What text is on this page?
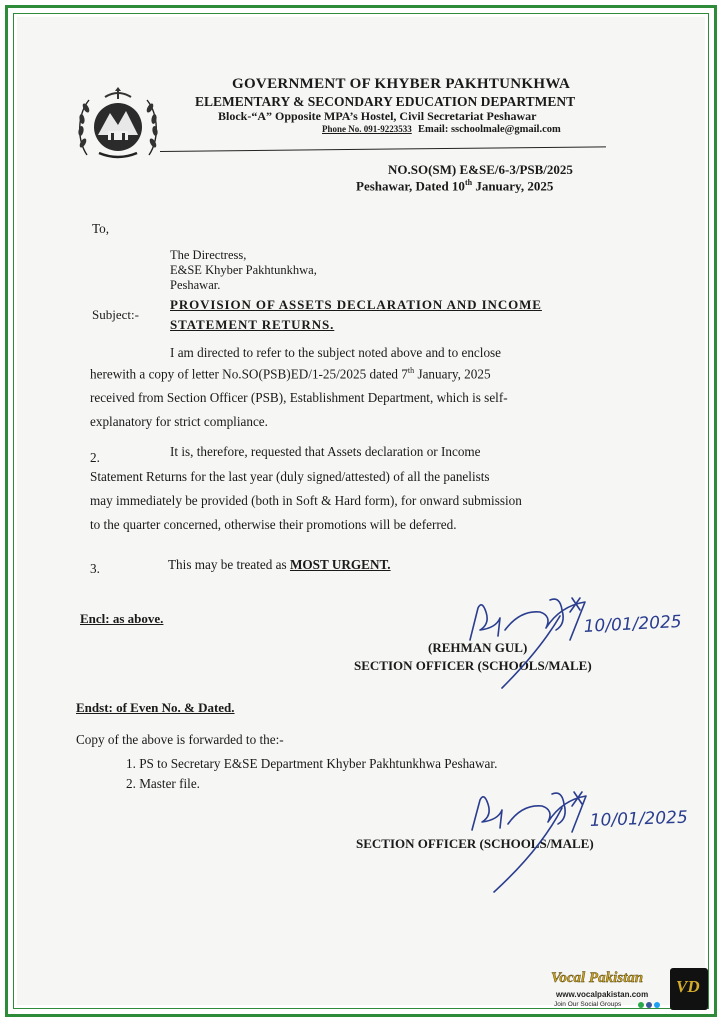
GOVERNMENT OF KHYBER PAKHTUNKHWA
ELEMENTARY & SECONDARY EDUCATION DEPARTMENT
Block-“A” Opposite MPA’s Hostel, Civil Secretariat Peshawar
Phone No. 091-9223533 Email: sschoolmale@gmail.com
NO.SO(SM) E&SE/6-3/PSB/2025
Peshawar, Dated 10th January, 2025
To,
The Directress,
E&SE Khyber Pakhtunkhwa,
Peshawar.
Subject:-
PROVISION OF ASSETS DECLARATION AND INCOME
STATEMENT RETURNS.
I am directed to refer to the subject noted above and to enclose
herewith a copy of letter No.SO(PSB)ED/1-25/2025 dated 7th January, 2025
received from Section Officer (PSB), Establishment Department, which is self-
explanatory for strict compliance.
2.	It is, therefore, requested that Assets declaration or Income
Statement Returns for the last year (duly signed/attested) of all the panelists
may immediately be provided (both in Soft & Hard form), for onward submission
to the quarter concerned, otherwise their promotions will be deferred.
3.	This may be treated as MOST URGENT.
Encl: as above.
(REHMAN GUL)
SECTION OFFICER (SCHOOLS/MALE)
Endst: of Even No. & Dated.
Copy of the above is forwarded to the:-
1. PS to Secretary E&SE Department Khyber Pakhtunkhwa Peshawar.
2. Master file.
SECTION OFFICER (SCHOOLS/MALE)
10/01/2025
10/01/2025
Vocal Pakistan
www.vocalpakistan.com
Join Our Social Groups
VD
